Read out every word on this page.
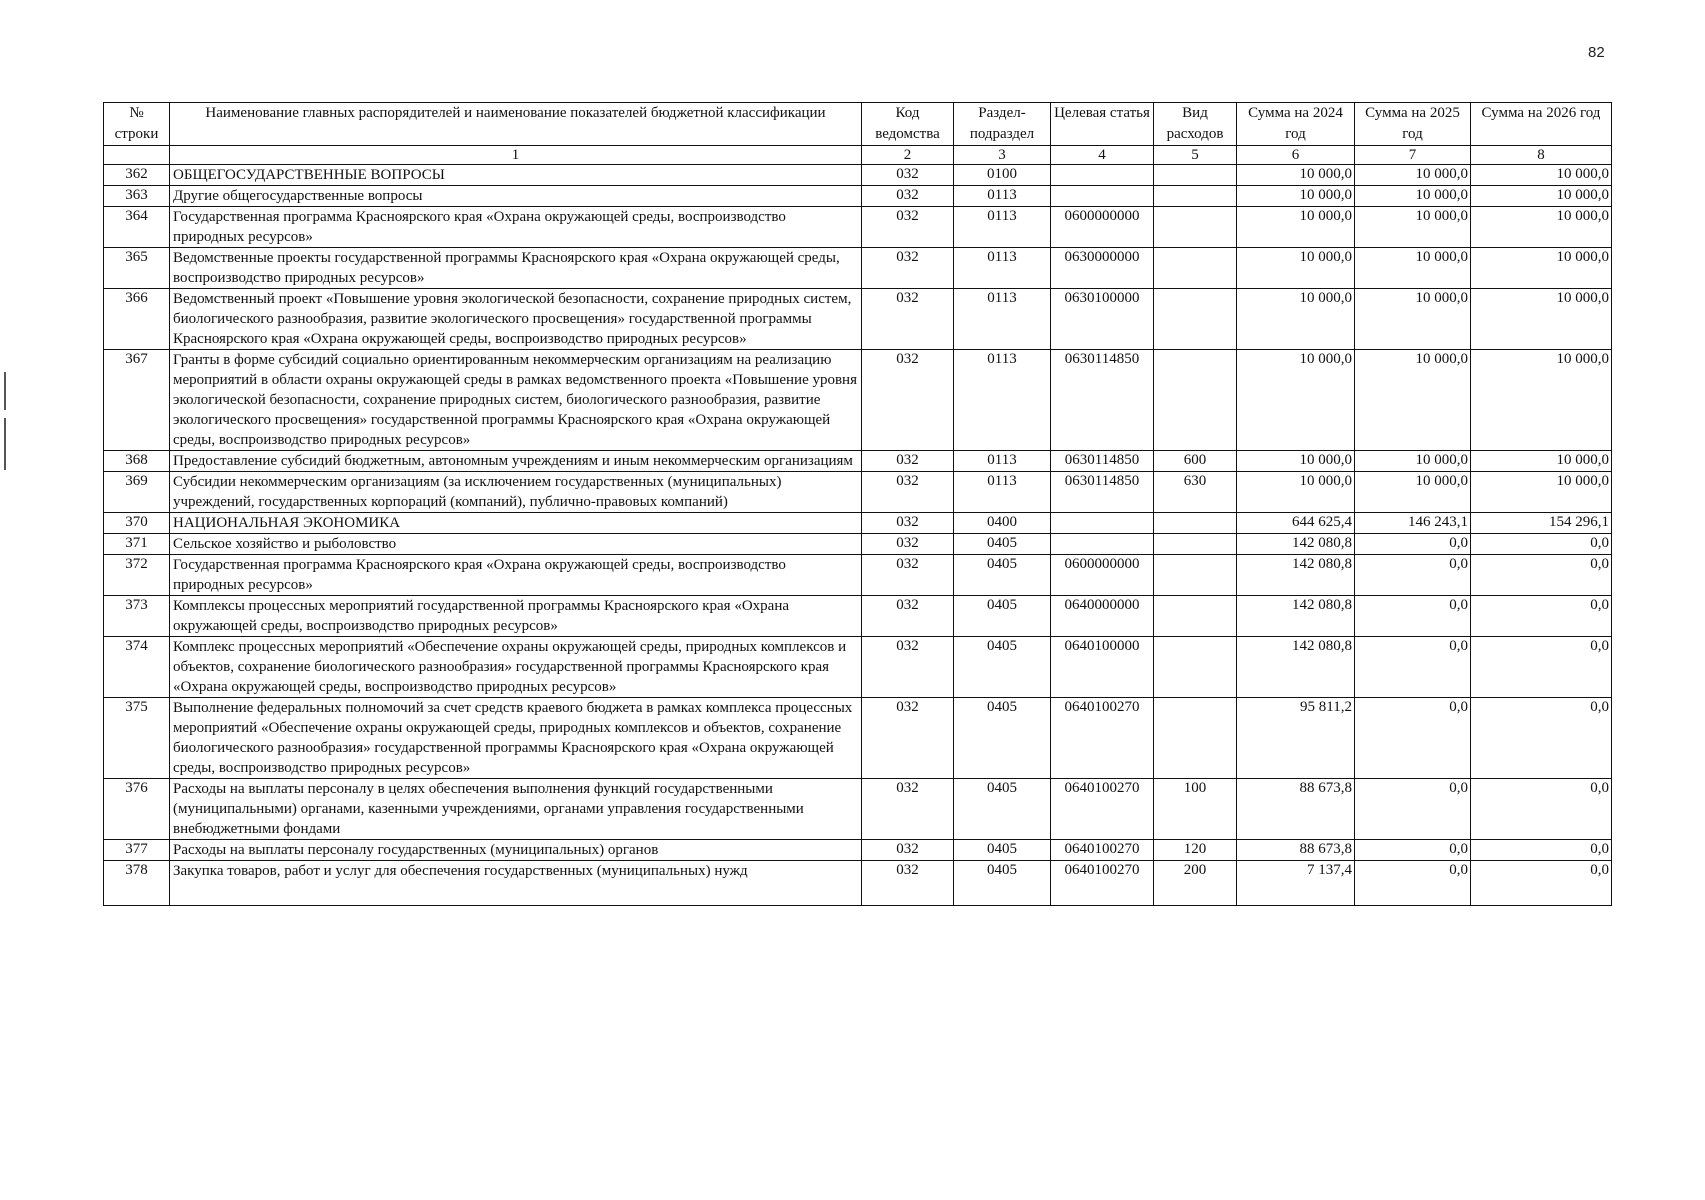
82
№ строки	Наименование главных распорядителей и наименование показателей бюджетной классификации	Код ведомства	Раздел-подраздел	Целевая статья	Вид расходов	Сумма на 2024 год	Сумма на 2025 год	Сумма на 2026 год
	1	2	3	4	5	6	7	8
362	ОБЩЕГОСУДАРСТВЕННЫЕ ВОПРОСЫ	032	0100			10 000,0	10 000,0	10 000,0
363	Другие общегосударственные вопросы	032	0113			10 000,0	10 000,0	10 000,0
364	Государственная программа Красноярского края «Охрана окружающей среды, воспроизводство природных ресурсов»	032	0113	0600000000		10 000,0	10 000,0	10 000,0
365	Ведомственные проекты государственной программы Красноярского края «Охрана окружающей среды, воспроизводство природных ресурсов»	032	0113	0630000000		10 000,0	10 000,0	10 000,0
366	Ведомственный проект «Повышение уровня экологической безопасности, сохранение природных систем, биологического разнообразия, развитие экологического просвещения» государственной программы Красноярского края «Охрана окружающей среды, воспроизводство природных ресурсов»	032	0113	0630100000		10 000,0	10 000,0	10 000,0
367	Гранты в форме субсидий социально ориентированным некоммерческим организациям на реализацию мероприятий в области охраны окружающей среды в рамках ведомственного проекта «Повышение уровня экологической безопасности, сохранение природных систем, биологического разнообразия, развитие экологического просвещения» государственной программы Красноярского края «Охрана окружающей среды, воспроизводство природных ресурсов»	032	0113	0630114850		10 000,0	10 000,0	10 000,0
368	Предоставление субсидий бюджетным, автономным учреждениям и иным некоммерческим организациям	032	0113	0630114850	600	10 000,0	10 000,0	10 000,0
369	Субсидии некоммерческим организациям (за исключением государственных (муниципальных) учреждений, государственных корпораций (компаний), публично-правовых компаний)	032	0113	0630114850	630	10 000,0	10 000,0	10 000,0
370	НАЦИОНАЛЬНАЯ ЭКОНОМИКА	032	0400			644 625,4	146 243,1	154 296,1
371	Сельское хозяйство и рыболовство	032	0405			142 080,8	0,0	0,0
372	Государственная программа Красноярского края «Охрана окружающей среды, воспроизводство природных ресурсов»	032	0405	0600000000		142 080,8	0,0	0,0
373	Комплексы процессных мероприятий государственной программы Красноярского края «Охрана окружающей среды, воспроизводство природных ресурсов»	032	0405	0640000000		142 080,8	0,0	0,0
374	Комплекс процессных мероприятий «Обеспечение охраны окружающей среды, природных комплексов и объектов, сохранение биологического разнообразия» государственной программы Красноярского края «Охрана окружающей среды, воспроизводство природных ресурсов»	032	0405	0640100000		142 080,8	0,0	0,0
375	Выполнение федеральных полномочий за счет средств краевого бюджета в рамках комплекса процессных мероприятий «Обеспечение охраны окружающей среды, природных комплексов и объектов, сохранение биологического разнообразия» государственной программы Красноярского края «Охрана окружающей среды, воспроизводство природных ресурсов»	032	0405	0640100270		95 811,2	0,0	0,0
376	Расходы на выплаты персоналу в целях обеспечения выполнения функций государственными (муниципальными) органами, казенными учреждениями, органами управления государственными внебюджетными фондами	032	0405	0640100270	100	88 673,8	0,0	0,0
377	Расходы на выплаты персоналу государственных (муниципальных) органов	032	0405	0640100270	120	88 673,8	0,0	0,0
378	Закупка товаров, работ и услуг для обеспечения государственных (муниципальных) нужд	032	0405	0640100270	200	7 137,4	0,0	0,0
